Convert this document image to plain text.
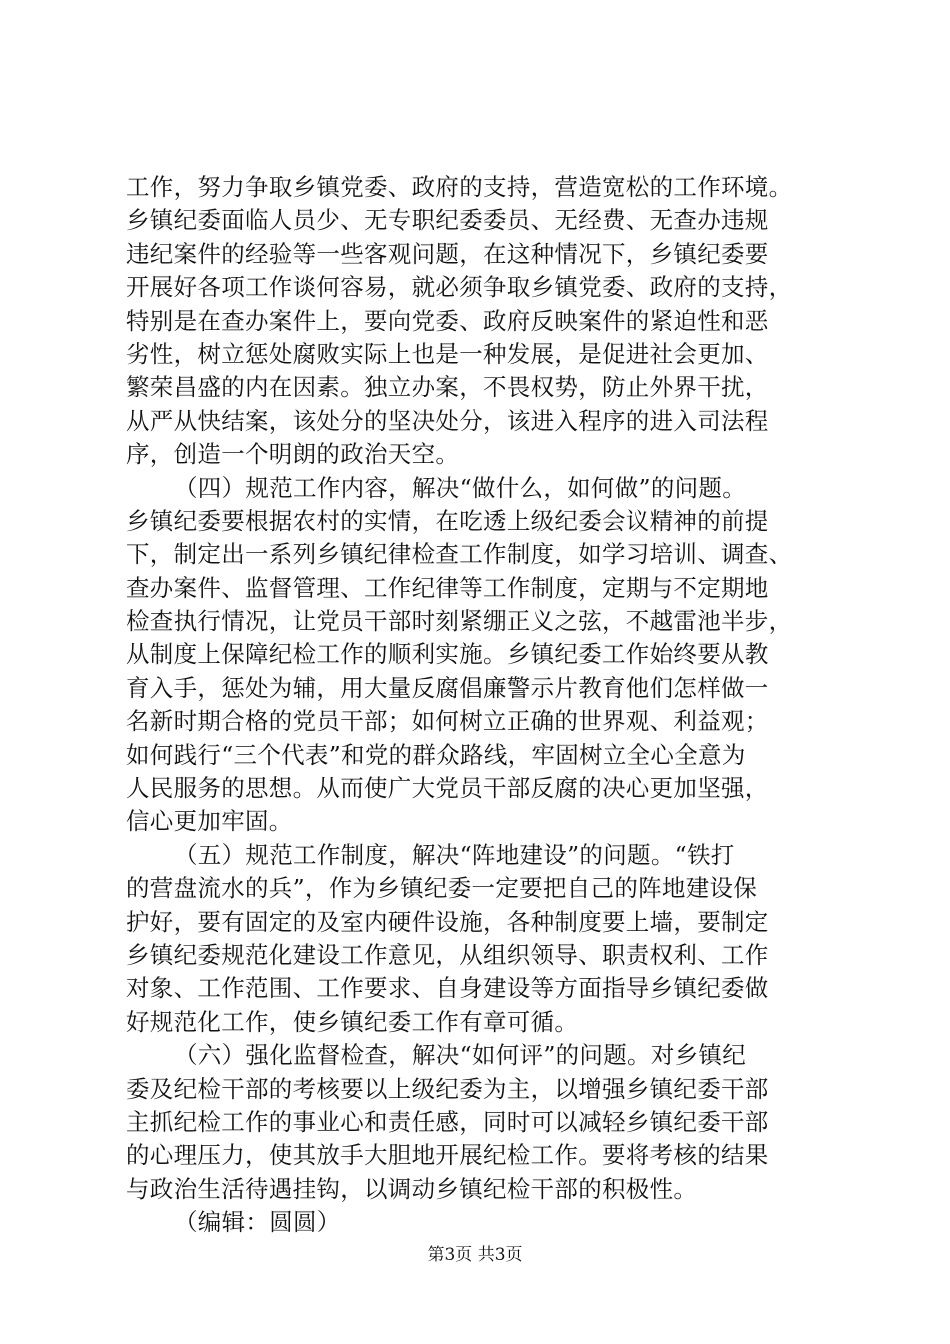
工作，努力争取乡镇党委、政府的支持，营造宽松的工作环境。
乡镇纪委面临人员少、无专职纪委委员、无经费、无查办违规
违纪案件的经验等一些客观问题，在这种情况下，乡镇纪委要
开展好各项工作谈何容易，就必须争取乡镇党委、政府的支持，
特别是在查办案件上，要向党委、政府反映案件的紧迫性和恶
劣性，树立惩处腐败实际上也是一种发展，是促进社会更加、
繁荣昌盛的内在因素。独立办案，不畏权势，防止外界干扰，
从严从快结案，该处分的坚决处分，该进入程序的进入司法程
序，创造一个明朗的政治天空。
（四）规范工作内容，解决“做什么，如何做”的问题。
乡镇纪委要根据农村的实情，在吃透上级纪委会议精神的前提
下，制定出一系列乡镇纪律检查工作制度，如学习培训、调查、
查办案件、监督管理、工作纪律等工作制度，定期与不定期地
检查执行情况，让党员干部时刻紧绷正义之弦，不越雷池半步，
从制度上保障纪检工作的顺利实施。乡镇纪委工作始终要从教
育入手，惩处为辅，用大量反腐倡廉警示片教育他们怎样做一
名新时期合格的党员干部；如何树立正确的世界观、利益观；
如何践行“三个代表”和党的群众路线，牢固树立全心全意为
人民服务的思想。从而使广大党员干部反腐的决心更加坚强，
信心更加牢固。
（五）规范工作制度，解决“阵地建设”的问题。“铁打
的营盘流水的兵”，作为乡镇纪委一定要把自己的阵地建设保
护好，要有固定的及室内硬件设施，各种制度要上墙，要制定
乡镇纪委规范化建设工作意见，从组织领导、职责权利、工作
对象、工作范围、工作要求、自身建设等方面指导乡镇纪委做
好规范化工作，使乡镇纪委工作有章可循。
（六）强化监督检查，解决“如何评”的问题。对乡镇纪
委及纪检干部的考核要以上级纪委为主，以增强乡镇纪委干部
主抓纪检工作的事业心和责任感，同时可以减轻乡镇纪委干部
的心理压力，使其放手大胆地开展纪检工作。要将考核的结果
与政治生活待遇挂钩，以调动乡镇纪检干部的积极性。
（编辑：圆圆）
第3页 共3页
